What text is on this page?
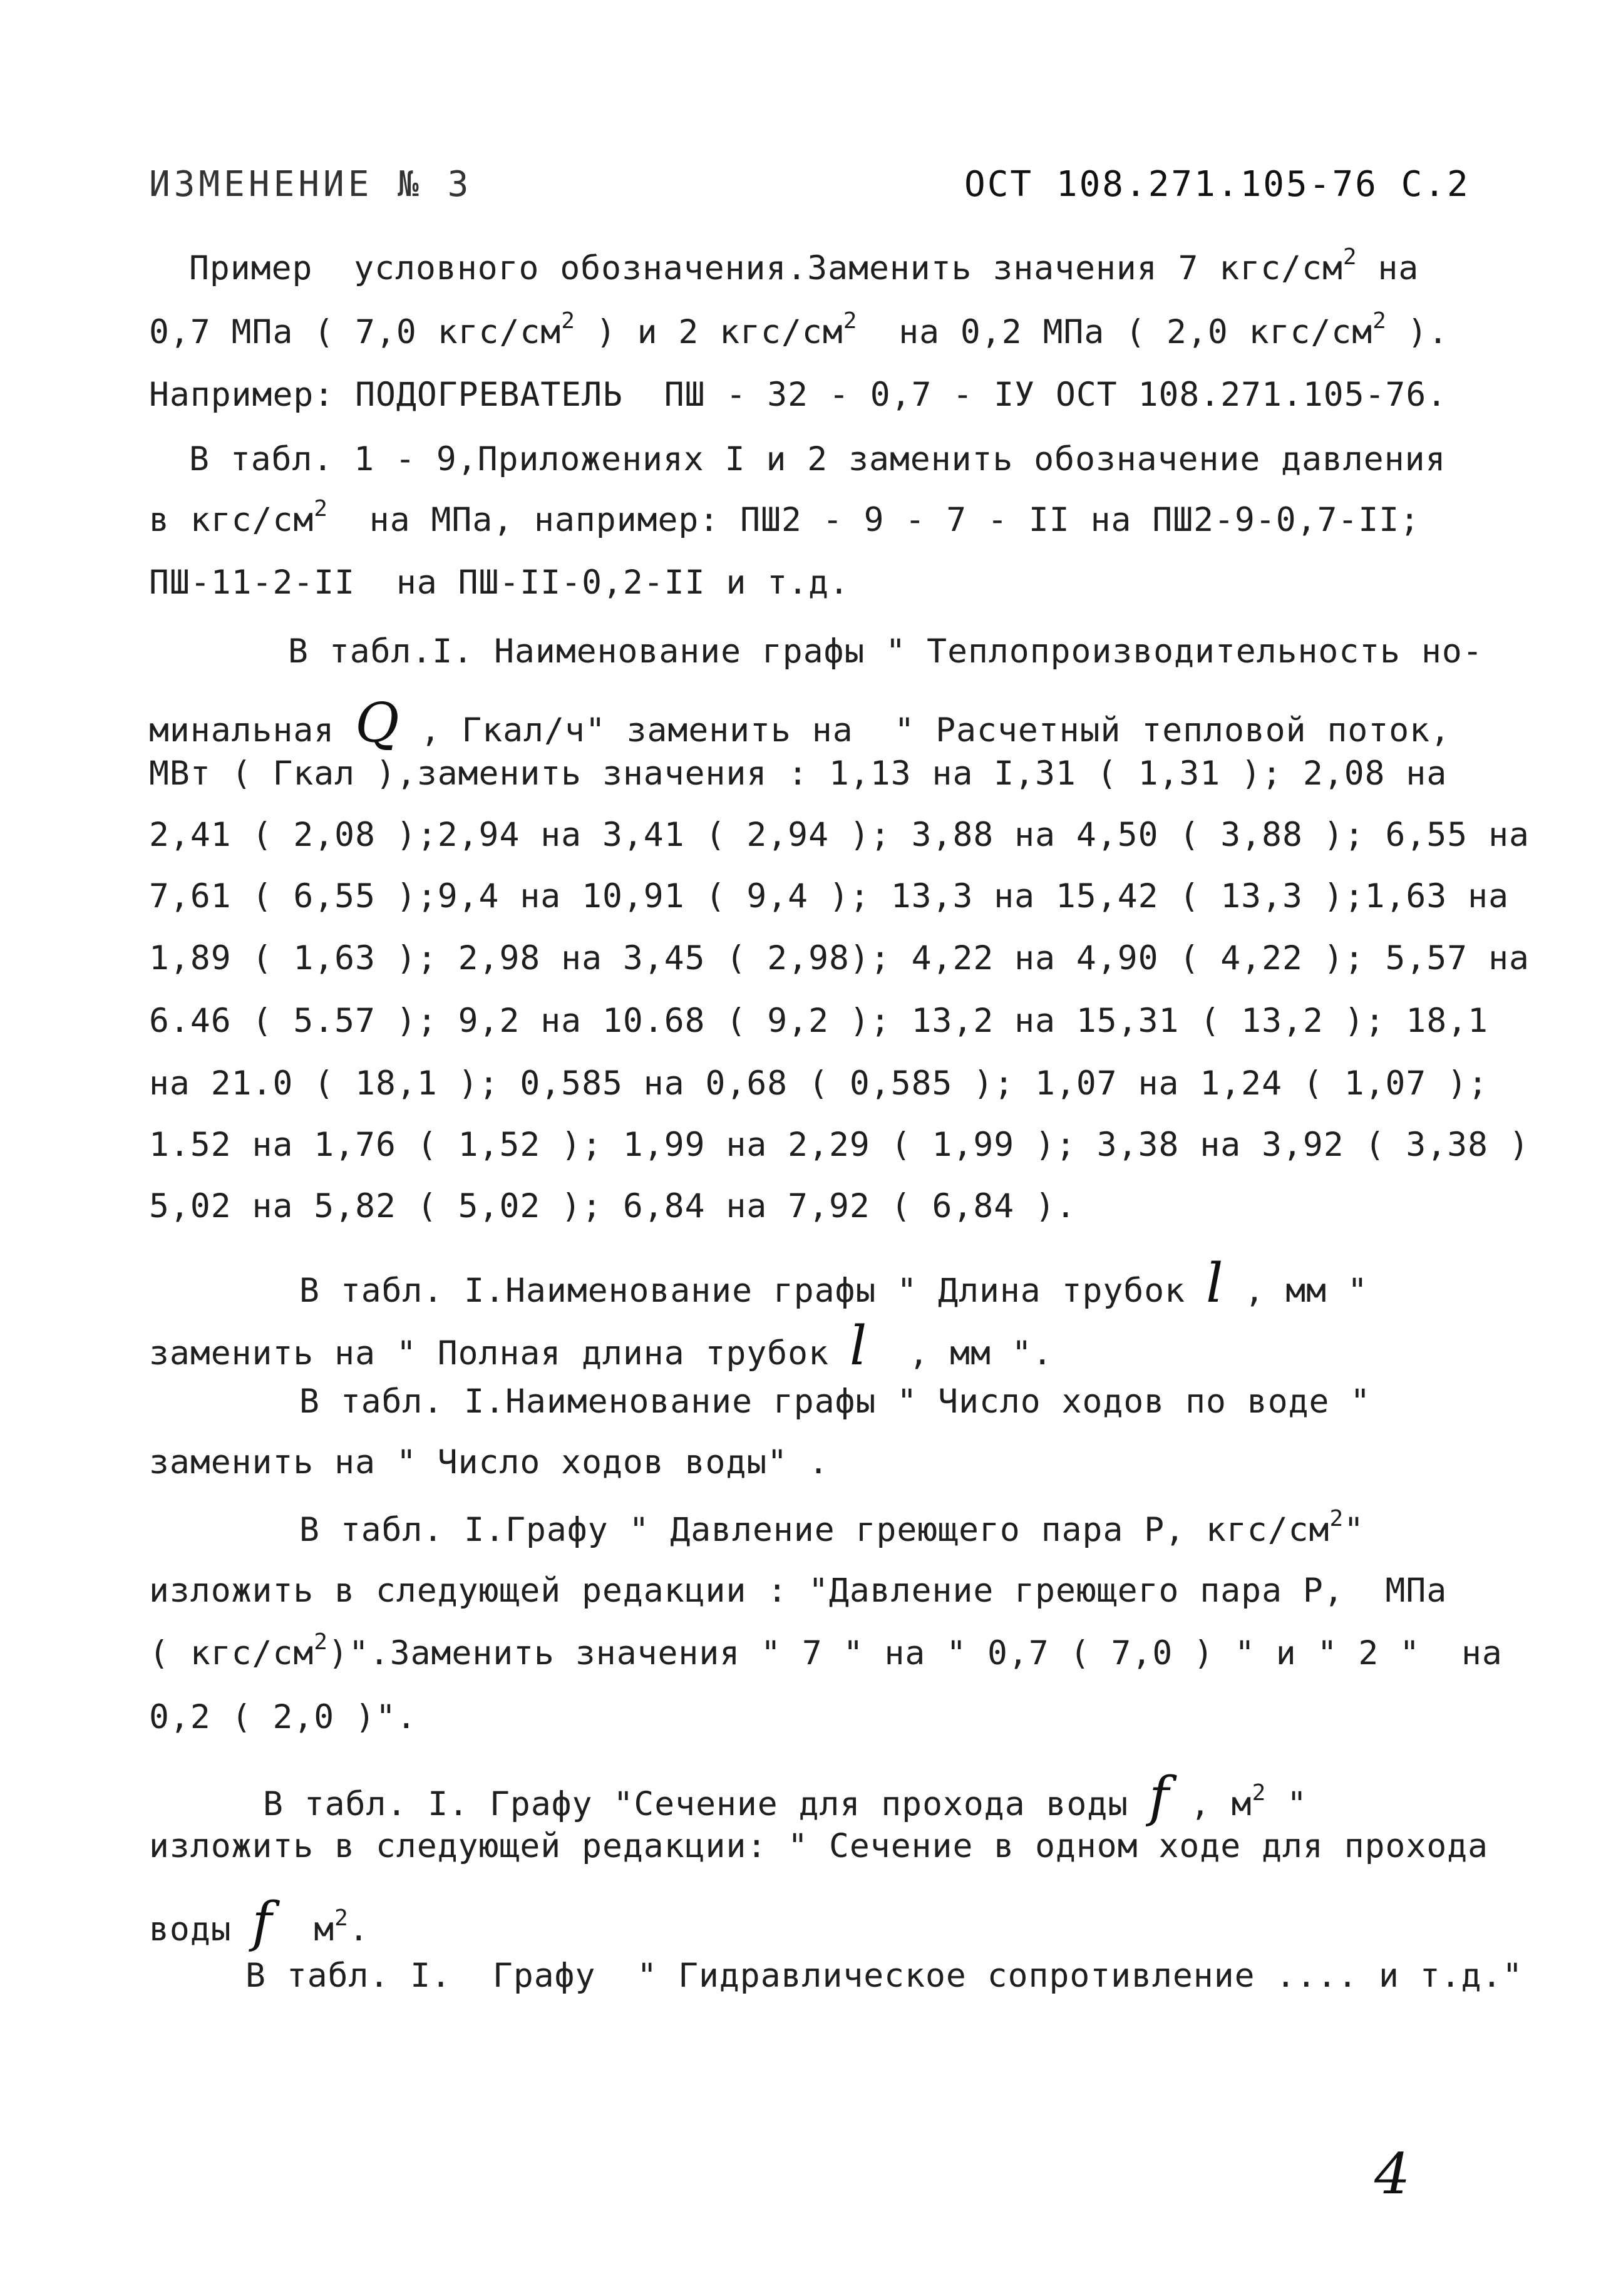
ИЗМЕНЕНИЕ № 3	ОСТ 108.271.105-76 С.2
Пример  условного обозначения.Заменить значения 7 кгс/$см^2$ на
0,7 МПа ( 7,0 кгс/$см^2$ ) и 2 кгс/$см^2$  на 0,2 МПа ( 2,0 кгс/$см^2$ ).
Например: ПОДОГРЕВАТЕЛЬ  ПШ - 32 - 0,7 - IУ ОСТ 108.271.105-76.
В табл. 1 - 9,Приложениях I и 2 заменить обозначение давления
в кгс/$см^2$  на МПа, например: ПШ2 - 9 - 7 - II на ПШ2-9-0,7-II;
ПШ-11-2-II  на ПШ-II-0,2-II и т.д.
В табл.I. Наименование графы " Теплопроизводительность но-
минальная Q , Гкал/ч" заменить на  " Расчетный тепловой поток,
МВт ( Гкал ),заменить значения : 1,13 на I,31 ( 1,31 ); 2,08 на
2,41 ( 2,08 );2,94 на 3,41 ( 2,94 ); 3,88 на 4,50 ( 3,88 ); 6,55 на
7,61 ( 6,55 );9,4 на 10,91 ( 9,4 ); 13,3 на 15,42 ( 13,3 );1,63 на
1,89 ( 1,63 ); 2,98 на 3,45 ( 2,98); 4,22 на 4,90 ( 4,22 ); 5,57 на
6.46 ( 5.57 ); 9,2 на 10.68 ( 9,2 ); 13,2 на 15,31 ( 13,2 ); 18,1
на 21.0 ( 18,1 ); 0,585 на 0,68 ( 0,585 ); 1,07 на 1,24 ( 1,07 );
1.52 на 1,76 ( 1,52 ); 1,99 на 2,29 ( 1,99 ); 3,38 на 3,92 ( 3,38 )
5,02 на 5,82 ( 5,02 ); 6,84 на 7,92 ( 6,84 ).
В табл. I.Наименование графы " Длина трубок l , мм "
заменить на " Полная длина трубок l  , мм ".
В табл. I.Наименование графы " Число ходов по воде "
заменить на " Число ходов воды" .
В табл. I.Графу " Давление греющего пара Р, кгс/$см^2$"
изложить в следующей редакции : "Давление греющего пара Р,  МПа
( кгс/$см^2)".Заменить$ значения " 7 " на " 0,7 ( 7,0 ) " и " 2 "  на
0,2 ( 2,0 )".
В табл. I. Графу "Сечение для прохода воды f , $м^2$ "
изложить в следующей редакции: " Сечение в одном ходе для прохода
воды f  $м^2$.
В табл. I.  Графу  " Гидравлическое сопротивление .... и т.д."
4
